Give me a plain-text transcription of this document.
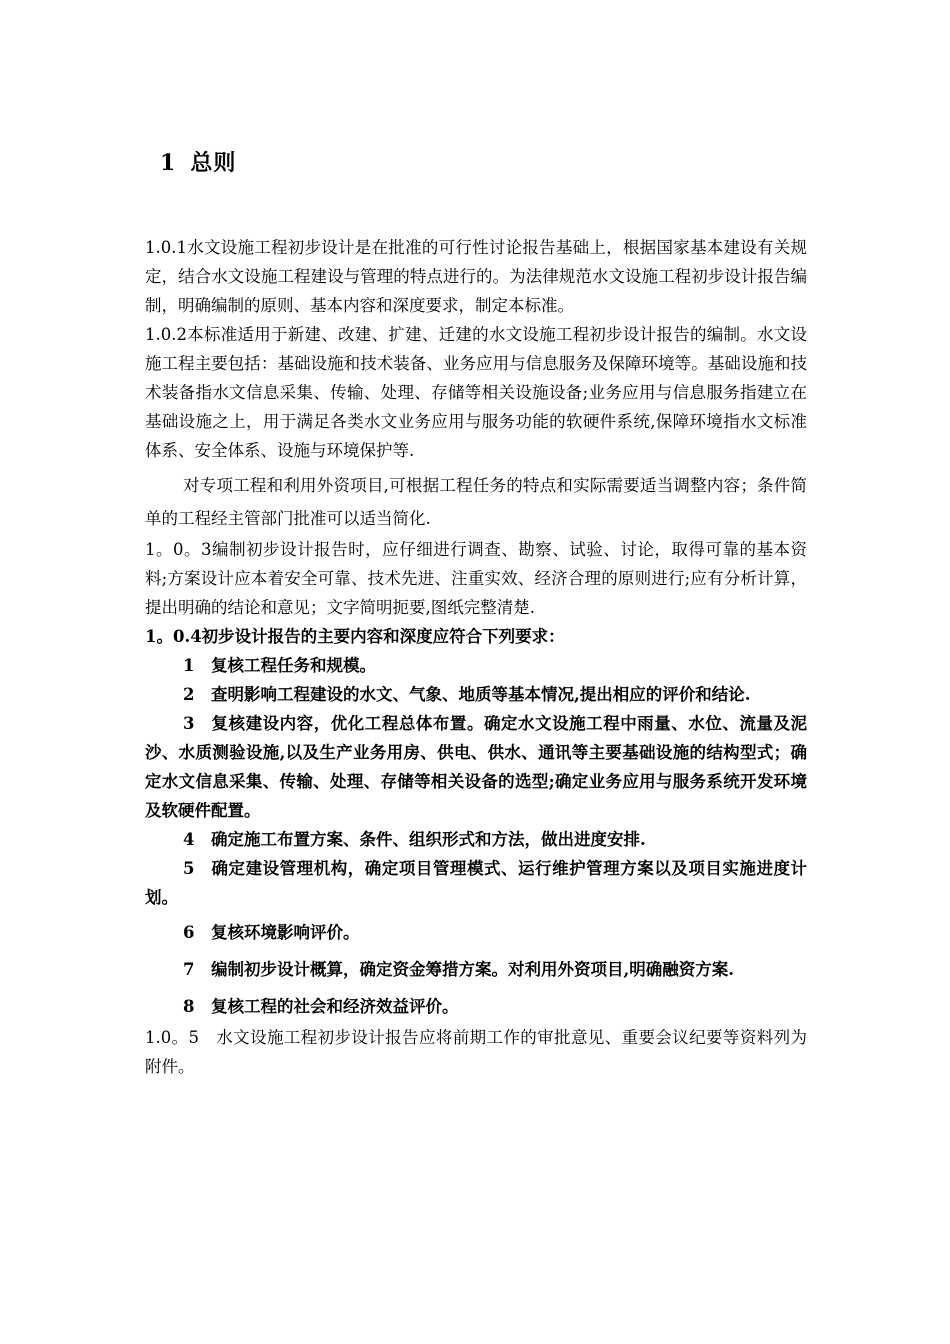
1 总则

1.0.1水文设施工程初步设计是在批准的可行性讨论报告基础上，根据国家基本建设有关规定，结合水文设施工程建设与管理的特点进行的。为法律规范水文设施工程初步设计报告编制，明确编制的原则、基本内容和深度要求，制定本标准。

1.0.2本标准适用于新建、改建、扩建、迁建的水文设施工程初步设计报告的编制。水文设施工程主要包括：基础设施和技术装备、业务应用与信息服务及保障环境等。基础设施和技术装备指水文信息采集、传输、处理、存储等相关设施设备;业务应用与信息服务指建立在基础设施之上，用于满足各类水文业务应用与服务功能的软硬件系统,保障环境指水文标准体系、安全体系、设施与环境保护等.

对专项工程和利用外资项目,可根据工程任务的特点和实际需要适当调整内容；条件简单的工程经主管部门批准可以适当简化.

1。0。3编制初步设计报告时，应仔细进行调查、勘察、试验、讨论，取得可靠的基本资料;方案设计应本着安全可靠、技术先进、注重实效、经济合理的原则进行;应有分析计算，提出明确的结论和意见；文字简明扼要,图纸完整清楚.

1。0.4初步设计报告的主要内容和深度应符合下列要求：

1 复核工程任务和规模。

2 查明影响工程建设的水文、气象、地质等基本情况,提出相应的评价和结论.

3 复核建设内容，优化工程总体布置。确定水文设施工程中雨量、水位、流量及泥沙、水质测验设施,以及生产业务用房、供电、供水、通讯等主要基础设施的结构型式；确定水文信息采集、传输、处理、存储等相关设备的选型;确定业务应用与服务系统开发环境及软硬件配置。

4 确定施工布置方案、条件、组织形式和方法，做出进度安排.

5 确定建设管理机构，确定项目管理模式、运行维护管理方案以及项目实施进度计划。

6 复核环境影响评价。

7 编制初步设计概算，确定资金筹措方案。对利用外资项目,明确融资方案.

8 复核工程的社会和经济效益评价。

1.0。5　水文设施工程初步设计报告应将前期工作的审批意见、重要会议纪要等资料列为附件。
